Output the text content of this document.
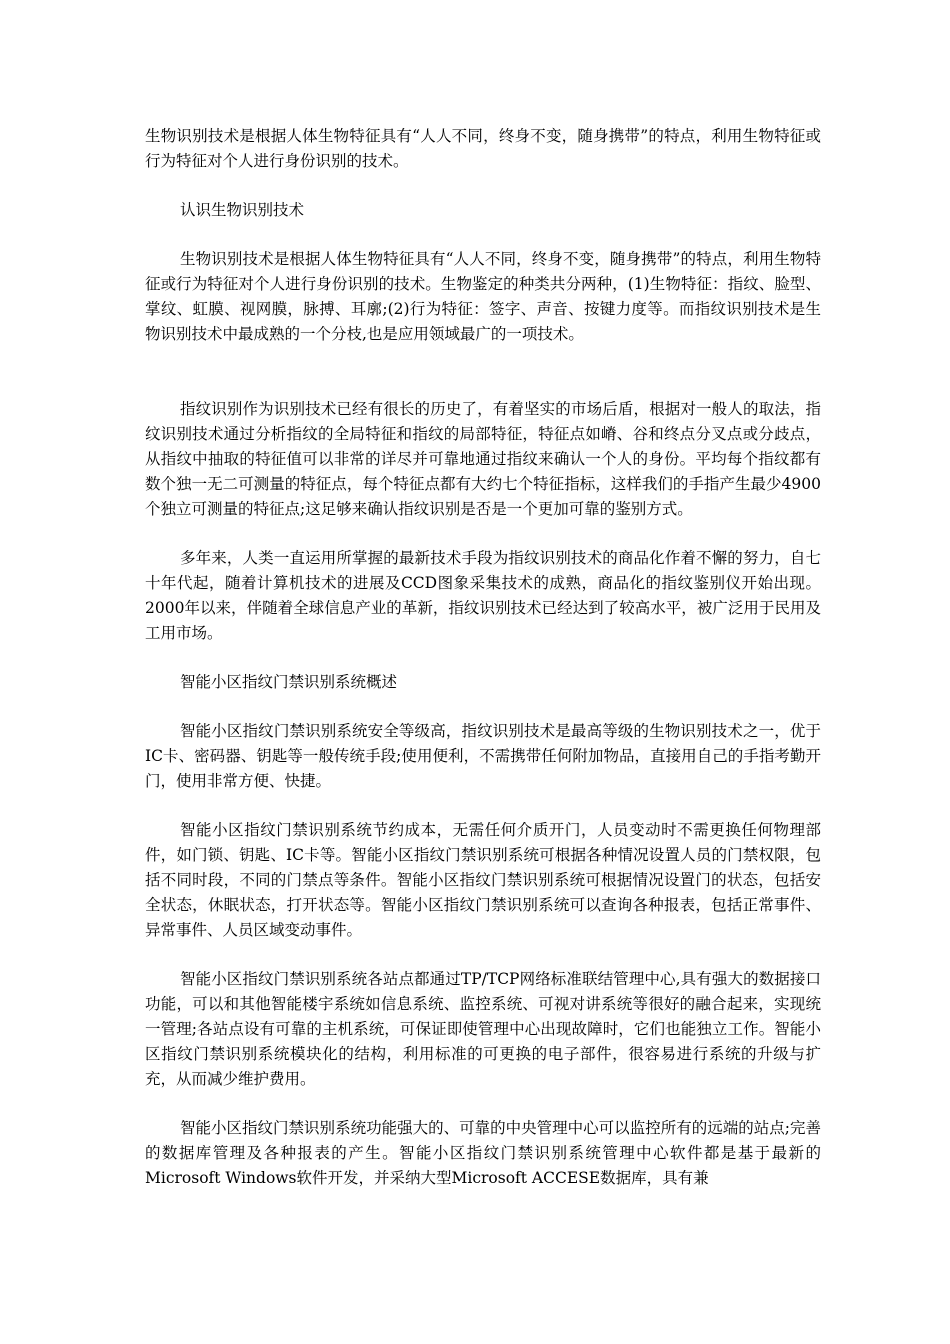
生物识别技术是根据人体生物特征具有“人人不同，终身不变，随身携带”的特点，利用生物特征或行为特征对个人进行身份识别的技术。

认识生物识别技术

生物识别技术是根据人体生物特征具有“人人不同，终身不变，随身携带”的特点，利用生物特征或行为特征对个人进行身份识别的技术。生物鉴定的种类共分两种，(1)生物特征：指纹、脸型、掌纹、虹膜、视网膜，脉搏、耳廓;(2)行为特征：签字、声音、按键力度等。而指纹识别技术是生物识别技术中最成熟的一个分枝,也是应用领域最广的一项技术。

指纹识别作为识别技术已经有很长的历史了，有着坚实的市场后盾，根据对一般人的取法，指纹识别技术通过分析指纹的全局特征和指纹的局部特征，特征点如嵴、谷和终点分叉点或分歧点，从指纹中抽取的特征值可以非常的详尽并可靠地通过指纹来确认一个人的身份。平均每个指纹都有数个独一无二可测量的特征点，每个特征点都有大约七个特征指标，这样我们的手指产生最少4900个独立可测量的特征点;这足够来确认指纹识别是否是一个更加可靠的鉴别方式。

多年来，人类一直运用所掌握的最新技术手段为指纹识别技术的商品化作着不懈的努力，自七十年代起，随着计算机技术的进展及CCD图象采集技术的成熟，商品化的指纹鉴别仪开始出现。2000年以来，伴随着全球信息产业的革新，指纹识别技术已经达到了较高水平，被广泛用于民用及工用市场。

智能小区指纹门禁识别系统概述

智能小区指纹门禁识别系统安全等级高，指纹识别技术是最高等级的生物识别技术之一，优于IC卡、密码器、钥匙等一般传统手段;使用便利，不需携带任何附加物品，直接用自己的手指考勤开门，使用非常方便、快捷。

智能小区指纹门禁识别系统节约成本，无需任何介质开门，人员变动时不需更换任何物理部件，如门锁、钥匙、IC卡等。智能小区指纹门禁识别系统可根据各种情况设置人员的门禁权限，包括不同时段，不同的门禁点等条件。智能小区指纹门禁识别系统可根据情况设置门的状态，包括安全状态，休眠状态，打开状态等。智能小区指纹门禁识别系统可以查询各种报表，包括正常事件、异常事件、人员区域变动事件。

智能小区指纹门禁识别系统各站点都通过TP/TCP网络标准联结管理中心,具有强大的数据接口功能，可以和其他智能楼宇系统如信息系统、监控系统、可视对讲系统等很好的融合起来，实现统一管理;各站点设有可靠的主机系统，可保证即使管理中心出现故障时，它们也能独立工作。智能小区指纹门禁识别系统模块化的结构，利用标准的可更换的电子部件，很容易进行系统的升级与扩充，从而减少维护费用。

智能小区指纹门禁识别系统功能强大的、可靠的中央管理中心可以监控所有的远端的站点;完善的数据库管理及各种报表的产生。智能小区指纹门禁识别系统管理中心软件都是基于最新的Microsoft Windows软件开发，并采纳大型Microsoft ACCESE数据库，具有兼
